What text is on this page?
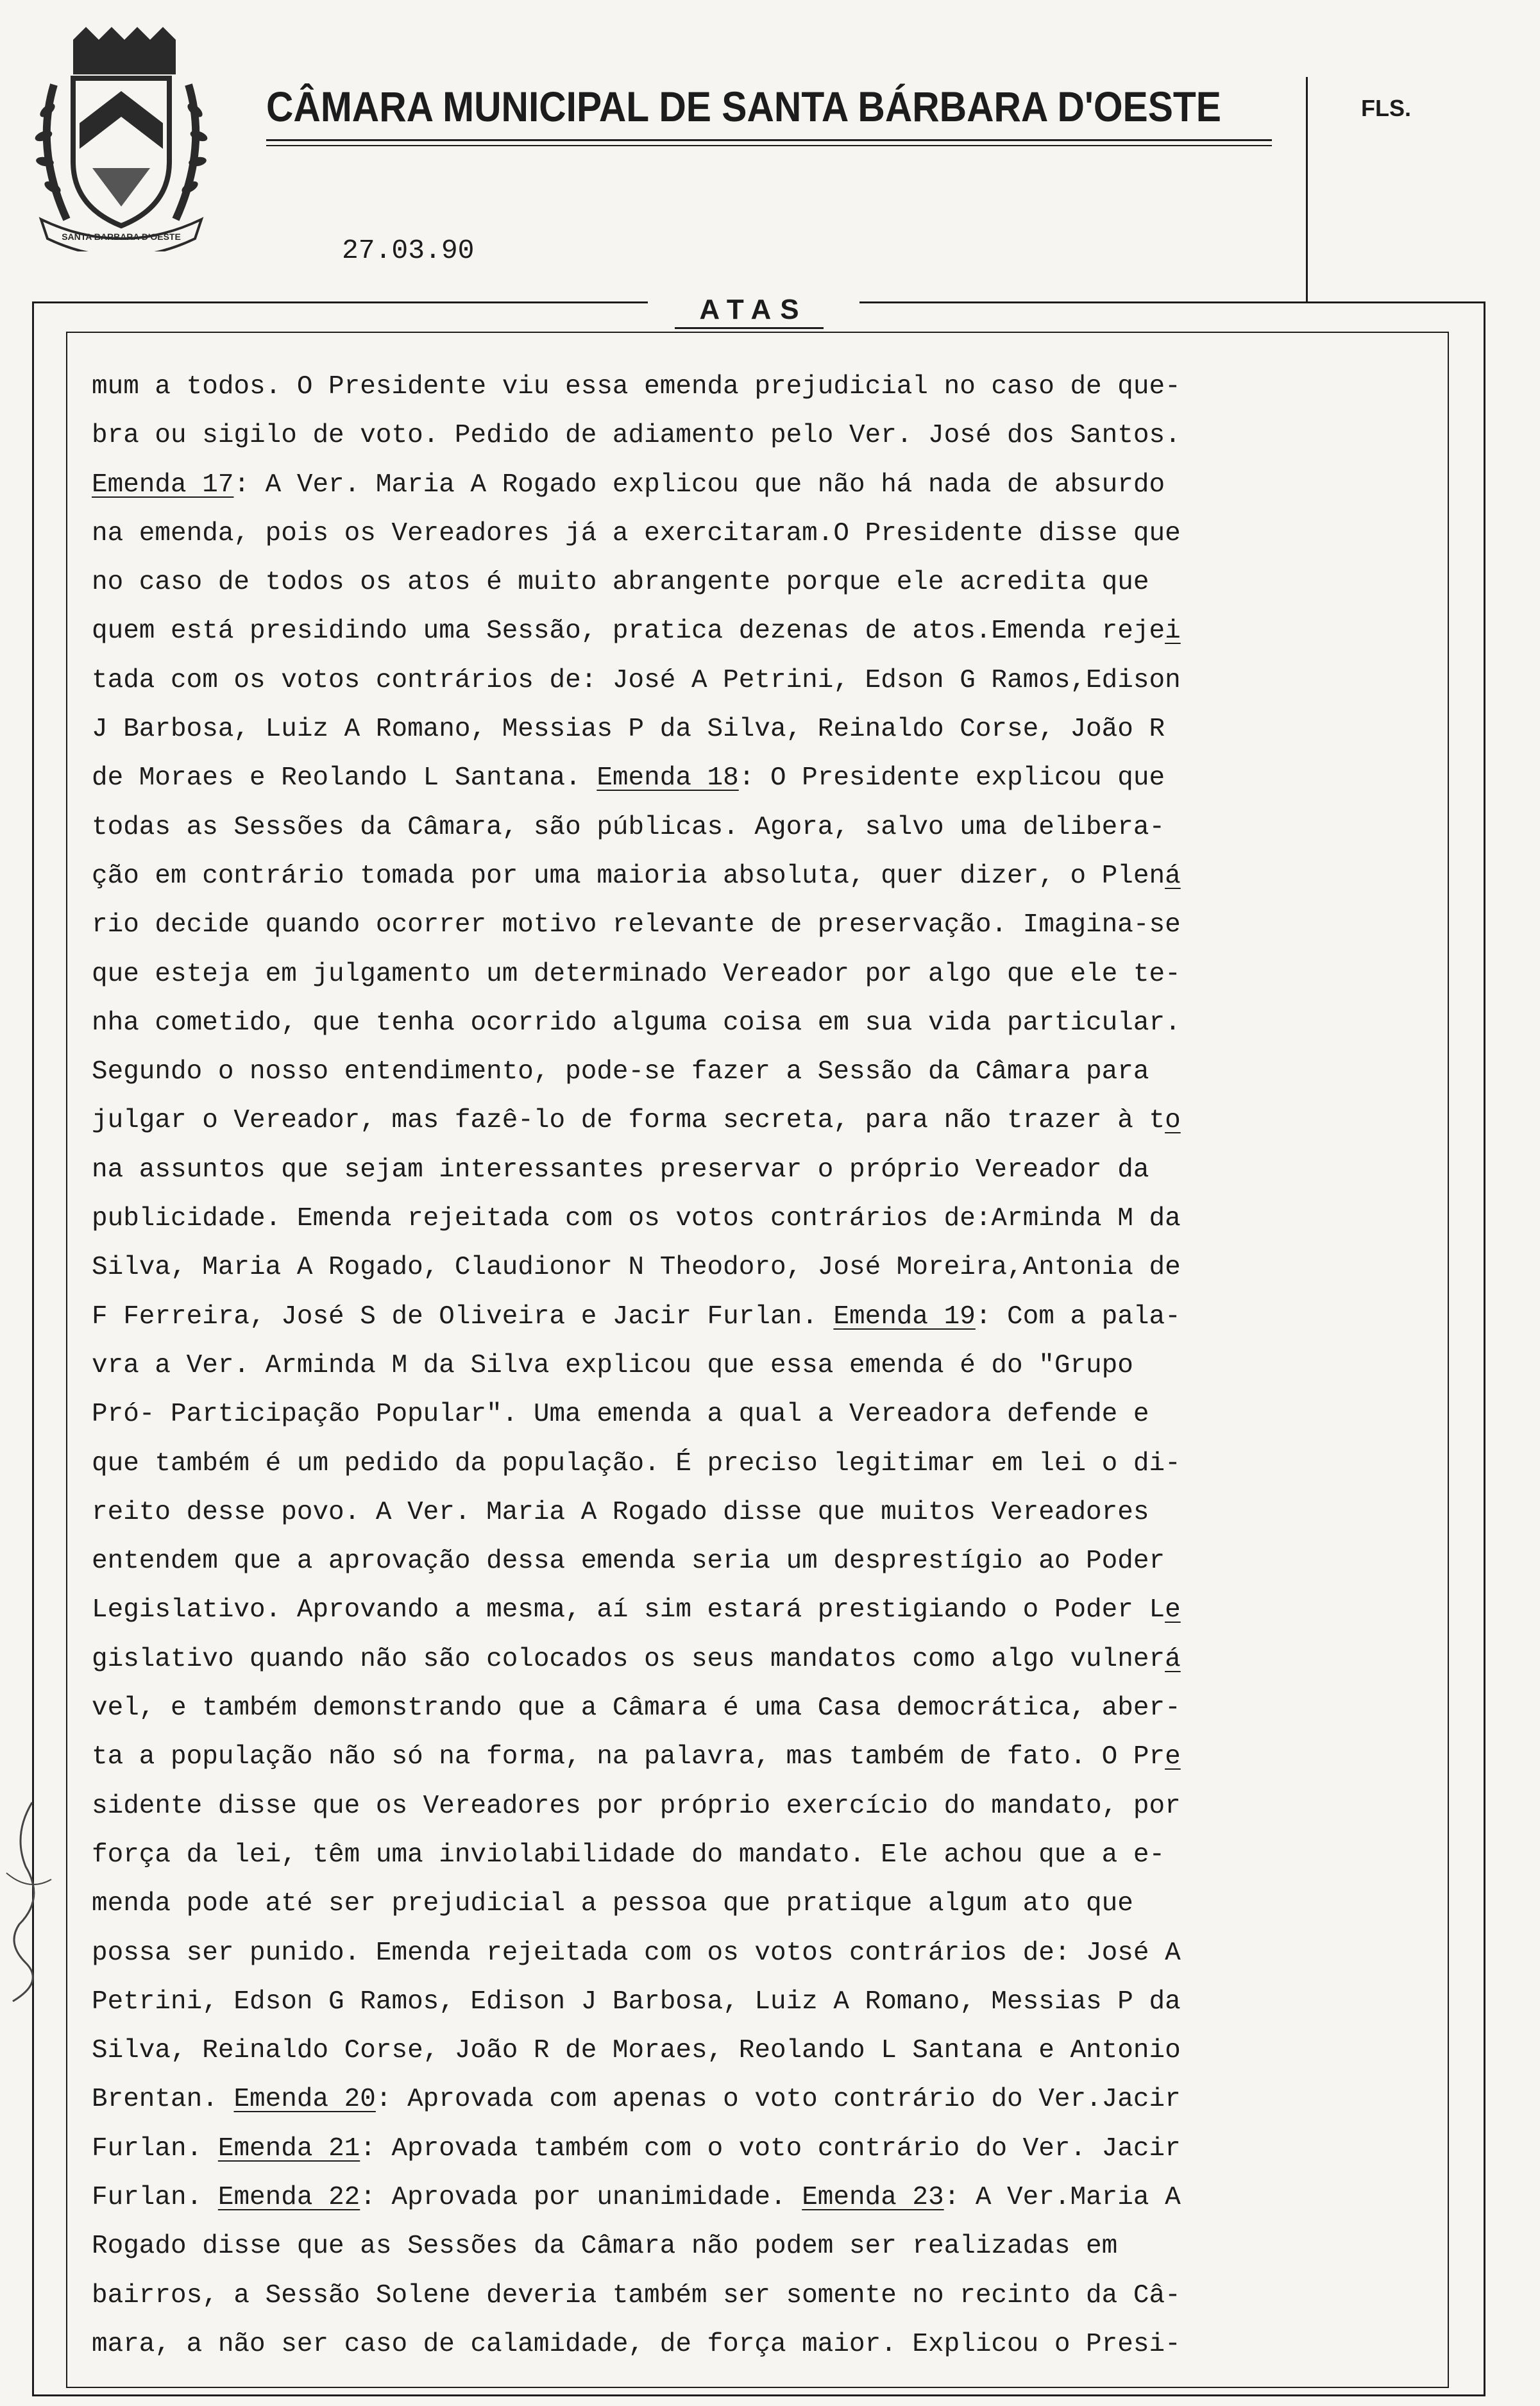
SANTA BARBARA D'OESTE
CÂMARA MUNICIPAL DE SANTA BÁRBARA D'OESTE	FLS.
27.03.90
ATAS
mum a todos. O Presidente viu essa emenda prejudicial no caso de que-
bra ou sigilo de voto. Pedido de adiamento pelo Ver. José dos Santos.
Emenda 17: A Ver. Maria A Rogado explicou que não há nada de absurdo
na emenda, pois os Vereadores já a exercitaram.O Presidente disse que
no caso de todos os atos é muito abrangente porque ele acredita que
quem está presidindo uma Sessão, pratica dezenas de atos.Emenda rejei
tada com os votos contrários de: José A Petrini, Edson G Ramos,Edison
J Barbosa, Luiz A Romano, Messias P da Silva, Reinaldo Corse, João R
de Moraes e Reolando L Santana. Emenda 18: O Presidente explicou que
todas as Sessões da Câmara, são públicas. Agora, salvo uma delibera-
ção em contrário tomada por uma maioria absoluta, quer dizer, o Plená
rio decide quando ocorrer motivo relevante de preservação. Imagina-se
que esteja em julgamento um determinado Vereador por algo que ele te-
nha cometido, que tenha ocorrido alguma coisa em sua vida particular.
Segundo o nosso entendimento, pode-se fazer a Sessão da Câmara para
julgar o Vereador, mas fazê-lo de forma secreta, para não trazer à to
na assuntos que sejam interessantes preservar o próprio Vereador da
publicidade. Emenda rejeitada com os votos contrários de:Arminda M da
Silva, Maria A Rogado, Claudionor N Theodoro, José Moreira,Antonia de
F Ferreira, José S de Oliveira e Jacir Furlan. Emenda 19: Com a pala-
vra a Ver. Arminda M da Silva explicou que essa emenda é do "Grupo
Pró- Participação Popular". Uma emenda a qual a Vereadora defende e
que também é um pedido da população. É preciso legitimar em lei o di-
reito desse povo. A Ver. Maria A Rogado disse que muitos Vereadores
entendem que a aprovação dessa emenda seria um desprestígio ao Poder
Legislativo. Aprovando a mesma, aí sim estará prestigiando o Poder Le
gislativo quando não são colocados os seus mandatos como algo vulnerá
vel, e também demonstrando que a Câmara é uma Casa democrática, aber-
ta a população não só na forma, na palavra, mas também de fato. O Pre
sidente disse que os Vereadores por próprio exercício do mandato, por
força da lei, têm uma inviolabilidade do mandato. Ele achou que a e-
menda pode até ser prejudicial a pessoa que pratique algum ato que
possa ser punido. Emenda rejeitada com os votos contrários de: José A
Petrini, Edson G Ramos, Edison J Barbosa, Luiz A Romano, Messias P da
Silva, Reinaldo Corse, João R de Moraes, Reolando L Santana e Antonio
Brentan. Emenda 20: Aprovada com apenas o voto contrário do Ver.Jacir
Furlan. Emenda 21: Aprovada também com o voto contrário do Ver. Jacir
Furlan. Emenda 22: Aprovada por unanimidade. Emenda 23: A Ver.Maria A
Rogado disse que as Sessões da Câmara não podem ser realizadas em
bairros, a Sessão Solene deveria também ser somente no recinto da Câ-
mara, a não ser caso de calamidade, de força maior. Explicou o Presi-
